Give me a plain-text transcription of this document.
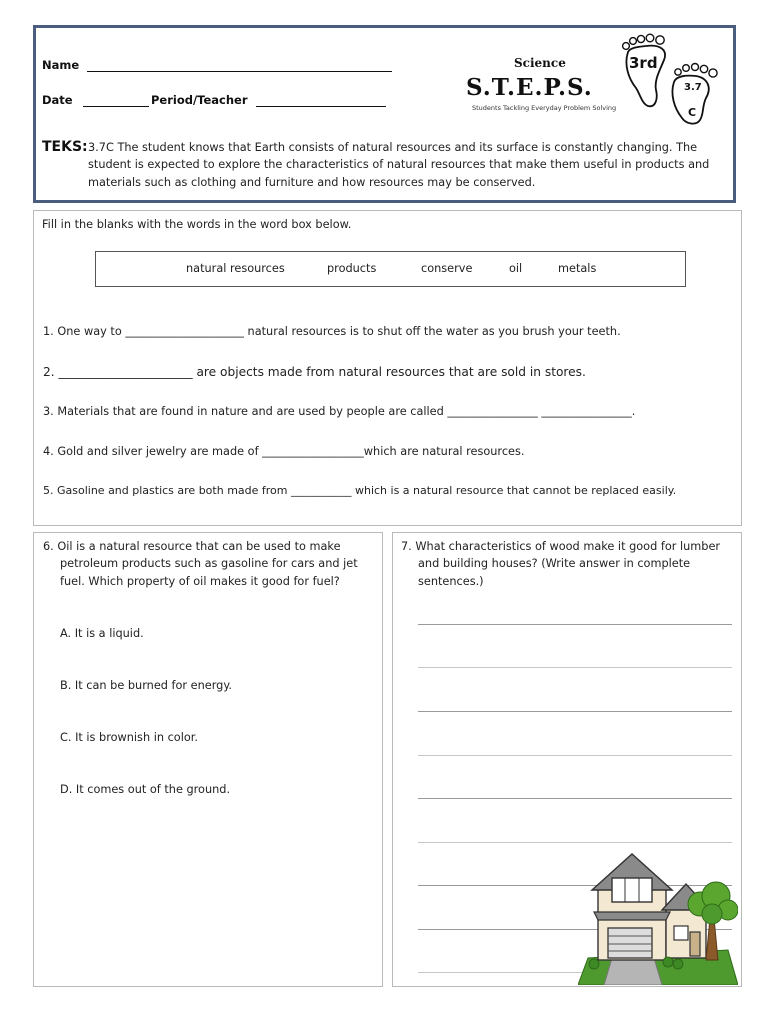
Name
Date	Period/Teacher
Science
S.T.E.P.S.
Students Tackling Everyday Problem Solving
3rd
3.7
C
TEKS: 3.7C The student knows that Earth consists of natural resources and its surface is constantly changing. The
student is expected to explore the characteristics of natural resources that make them useful in products and
materials such as clothing and furniture and how resources may be conserved.
Fill in the blanks with the words in the word box below.
natural resources	products	conserve	oil	metals
1. One way to _____________________ natural resources is to shut off the water as you brush your teeth.
2. ______________________ are objects made from natural resources that are sold in stores.
3. Materials that are found in nature and are used by people are called ________________ ________________.
4. Gold and silver jewelry are made of __________________which are natural resources.
5. Gasoline and plastics are both made from ___________ which is a natural resource that cannot be replaced easily.
6. Oil is a natural resource that can be used to make
petroleum products such as gasoline for cars and jet
fuel. Which property of oil makes it good for fuel?
A. It is a liquid.
B. It can be burned for energy.
C. It is brownish in color.
D. It comes out of the ground.
7. What characteristics of wood make it good for lumber
and building houses? (Write answer in complete
sentences.)
